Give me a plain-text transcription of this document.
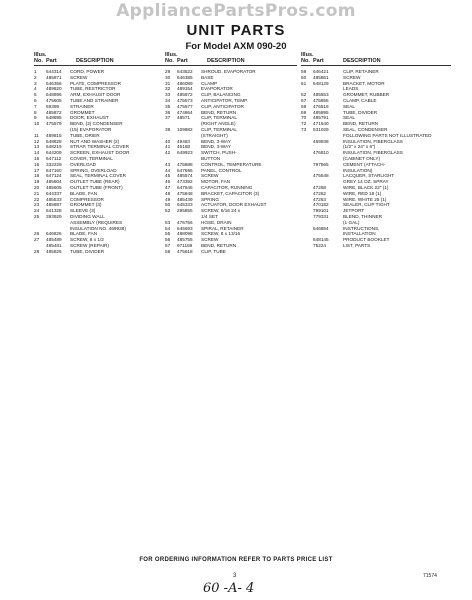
AppliancePartsPros.com
UNIT PARTS
For Model AXM 090-20
Illus.
No. Part	DESCRIPTION
1	644314	CORD, POWER
2	485871	SCREW
3	646356	PLATE, COMPRESSOR
4	489820	TUBE, RESTRICTOR
5	648896	ARM, EXHAUST DOOR
6	475605	TUBE AND STRAINER
7	69399	STRAINER
8	485872	GROMMET
9	648895	DOOR, EXHAUST
10	475579	BEND, (2) CONDENSER
(15) EVAPORATOR
11	489815	TUBE, DRIER
12	648828	NUT AND WASHER (2)
13	648219	STRAP, TERMINAL COVER
14	644209	SCREEN, EXHAUST DOOR
15	647112	COVER, TERMINAL
16	332229	OVERLOAD
17	647160	SPRING, OVERLOAD
18	647124	SEAL, TERMINAL COVER
19	485604	OUTLET TUBE (REAR)
20	485605	OUTLET TUBE (FRONT)
21	644337	BLADE, FAN
22	485533	COMPRESSOR
23	485887	GROMMET (3)
24	641328	SLEEVE (3)
25	393929	DIVIDING WALL
ASSEMBLY (REQUIRES
INSULATION NO. 469938)
26	646826	BLADE, FAN
27	485489	SCREW, 8 x 1/2
485481	SCREW (REPAIR)
28	485825	TUBE, DIVIDER
Illus.
No. Part	DESCRIPTION
29	643522	SHROUD, EVAPORATOR
30	646385	BASE
31	486089	CLAMP
32	489154	EVAPORATOR
33	485872	CLIP, BALANCING
34	475573	ANTICIPATOR, TEMP.
35	475577	CLIP, ANTICIPATOR
36	474864	BEND, RETURN
37	48571	CLIP, TERMINAL
(RIGHT ANGLE)
38	109882	CLIP, TERMINAL
(STRAIGHT)
40	49483	BEND, 3-WAY
41	45168	BEND, 3-WAY
42	649923	SWITCH, PUSH-
BUTTON
43	475888	CONTROL, TEMPERATURE
44	647695	PANEL, CONTROL
45	485574	SCREW
46	473392	MOTOR, FAN
47	647645	CAPACITOR, RUNNING
48	475848	BRACKET, CAPACITOR (3)
49	485439	SPRING
50	645333	ACTUATOR, DOOR EXHAUST
52	295855	SCREW, 6/16 24 x
1/4 SET
53	476756	HOSE, DRAIN
54	645693	SPIRAL, RETAINER
55	488098	SCREW, 8 x 13/16
56	485755	SCREW
57	971169	BEND, RETURN
58	475618	CLIP, TUBE
Illus.
No. Part	DESCRIPTION
59	646421	CLIP, RETAINER
60	485861	SCREW
61	648129	BRACKET, MOTOR
LEADS
62	485553	GROMMET, RUBBER
67	475855	CLAMP, CABLE
68	476518	SEAL
69	485895	TUBE, DIVIDER
70	485791	SEAL
72	471540	BEND, RETURN
73	531029	SEAL, CONDENSER
FOLLOWING PARTS NOT ILLUSTRATED
469938	INSULATION, FIBERGLASS
(1/2" x 24" x 6")
476810	INSULATION, FIBERGLASS
(CABINET ONLY)
797565	CEMENT (ATTACH-
INSULATION)
475548	LACQUER, STARLIGHT
GREY 14 OZ. SPRAY
47268	WIRE, BLACK 22" (1)
47262	WIRE, RED 18 (1)
47263	WIRE, WHITE 25 (1)
470182	SEALER, CLIP TIGHT
799101	JETPORT
779331	BLEND, THINNER
(1 GAL)
646864	INSTRUCTIONS,
INSTALLATION
648145	PRODUCT BOOKLET
75224	LIST, PARTS
FOR ORDERING INFORMATION REFER TO PARTS PRICE LIST
3	71574
60 -A- 4
